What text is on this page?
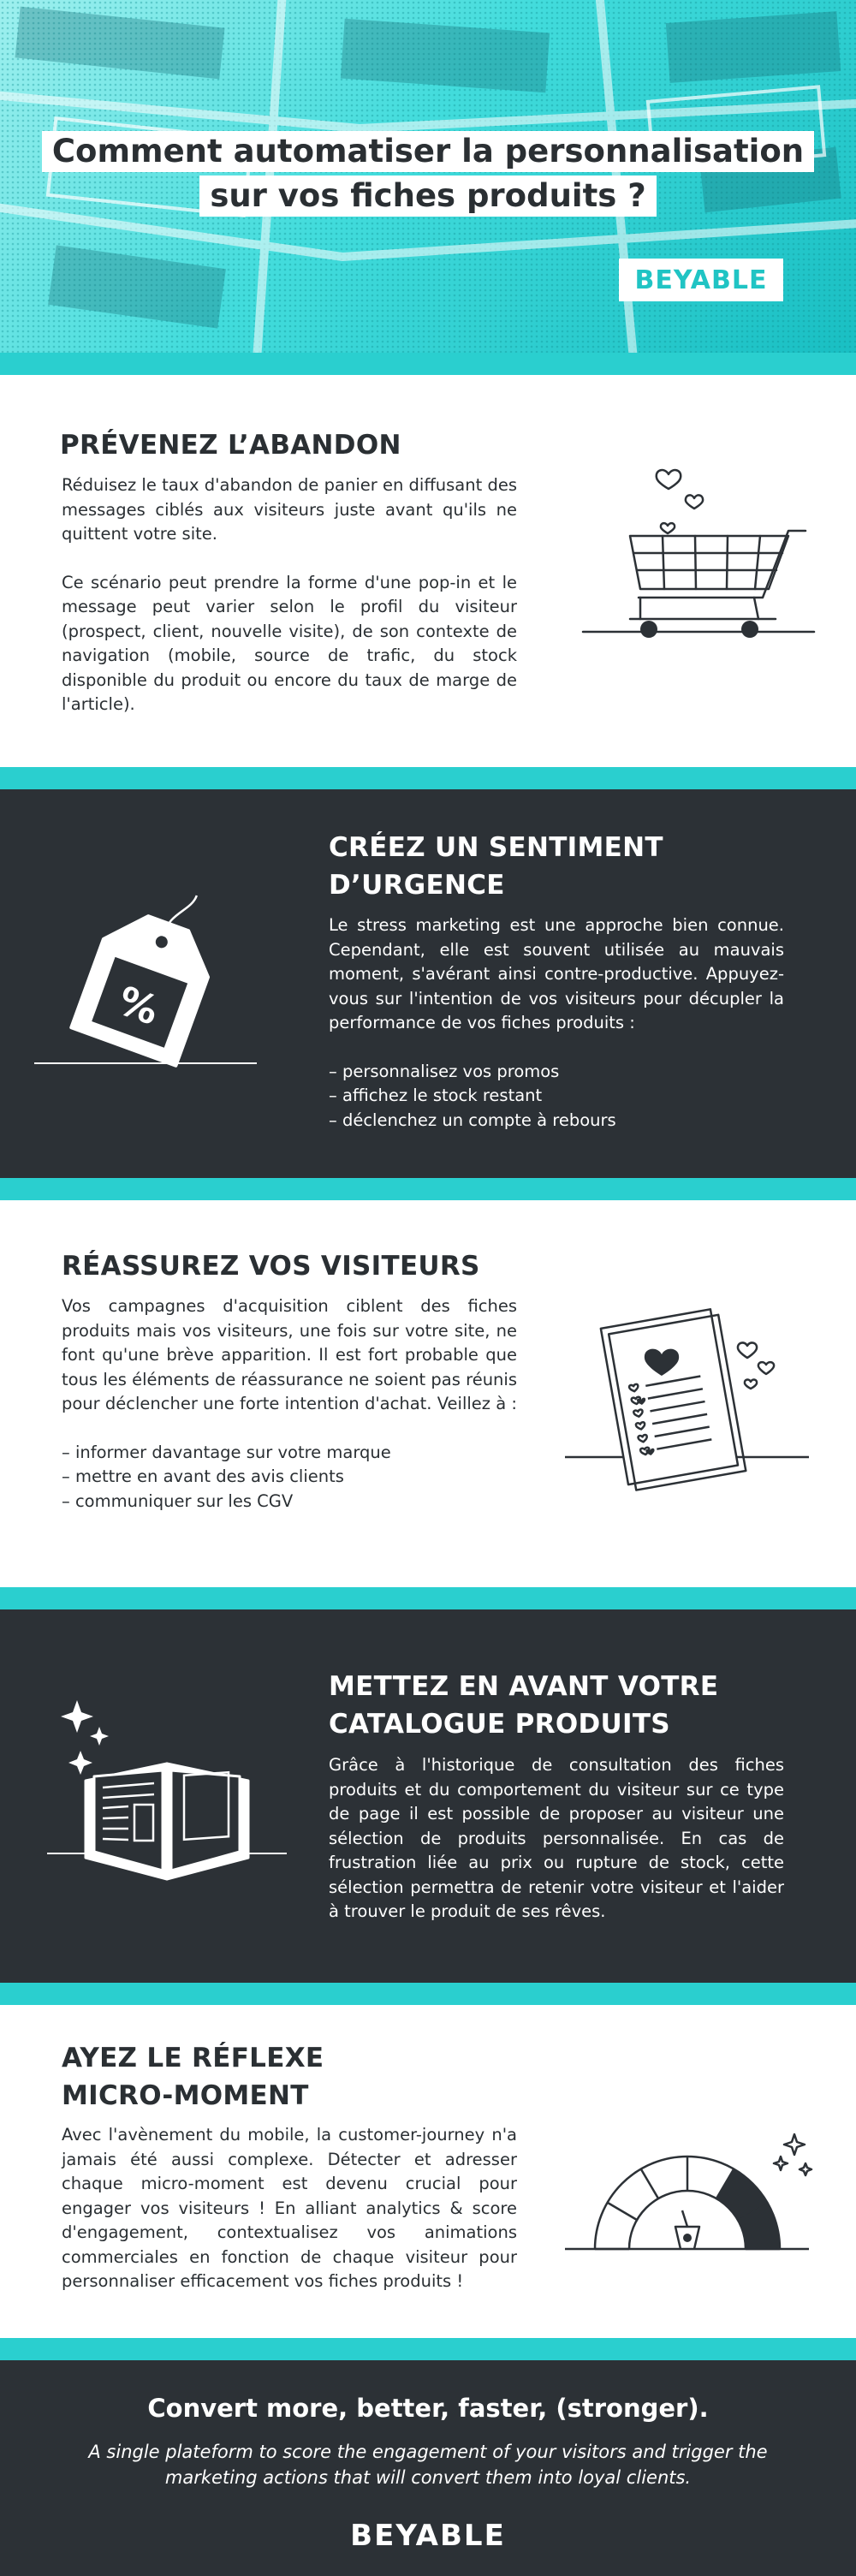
Comment automatiser la personnalisation
sur vos fiches produits ?
BEYABLE
PRÉVENEZ L’ABANDON

Réduisez le taux d'abandon de panier en diffusant des messages ciblés aux visiteurs juste avant qu'ils ne quittent votre site.

Ce scénario peut prendre la forme d'une pop-in et le message peut varier selon le profil du visiteur (prospect, client, nouvelle visite), de son contexte de navigation (mobile, source de trafic, du stock disponible du produit ou encore du taux de marge de l'article).

CRÉEZ UN SENTIMENT
D’URGENCE

Le stress marketing est une approche bien connue. Cependant, elle est souvent utilisée au mauvais moment, s'avérant ainsi contre-productive. Appuyez-vous sur l'intention de vos visiteurs pour décupler la performance de vos fiches produits :

– personnalisez vos promos

– affichez le stock restant

– déclenchez un compte à rebours

%
RÉASSUREZ VOS VISITEURS

Vos campagnes d'acquisition ciblent des fiches produits mais vos visiteurs, une fois sur votre site, ne font qu'une brève apparition. Il est fort probable que tous les éléments de réassurance ne soient pas réunis pour déclencher une forte intention d'achat. Veillez à :

– informer davantage sur votre marque

– mettre en avant des avis clients

– communiquer sur les CGV

METTEZ EN AVANT VOTRE
CATALOGUE PRODUITS

Grâce à l'historique de consultation des fiches produits et du comportement du visiteur sur ce type de page il est possible de proposer au visiteur une sélection de produits personnalisée. En cas de frustration liée au prix ou rupture de stock, cette sélection permettra de retenir votre visiteur et l'aider à trouver le produit de ses rêves.

AYEZ LE RÉFLEXE
MICRO-MOMENT

Avec l'avènement du mobile, la customer-journey n'a jamais été aussi complexe. Détecter et adresser chaque micro-moment est devenu crucial pour engager vos visiteurs ! En alliant analytics & score d'engagement, contextualisez vos animations commerciales en fonction de chaque visiteur pour personnaliser efficacement vos fiches produits !

Convert more, better, faster, (stronger).
A single plateform to score the engagement of your visitors and trigger the marketing actions that will convert them into loyal clients.
BEYABLE
